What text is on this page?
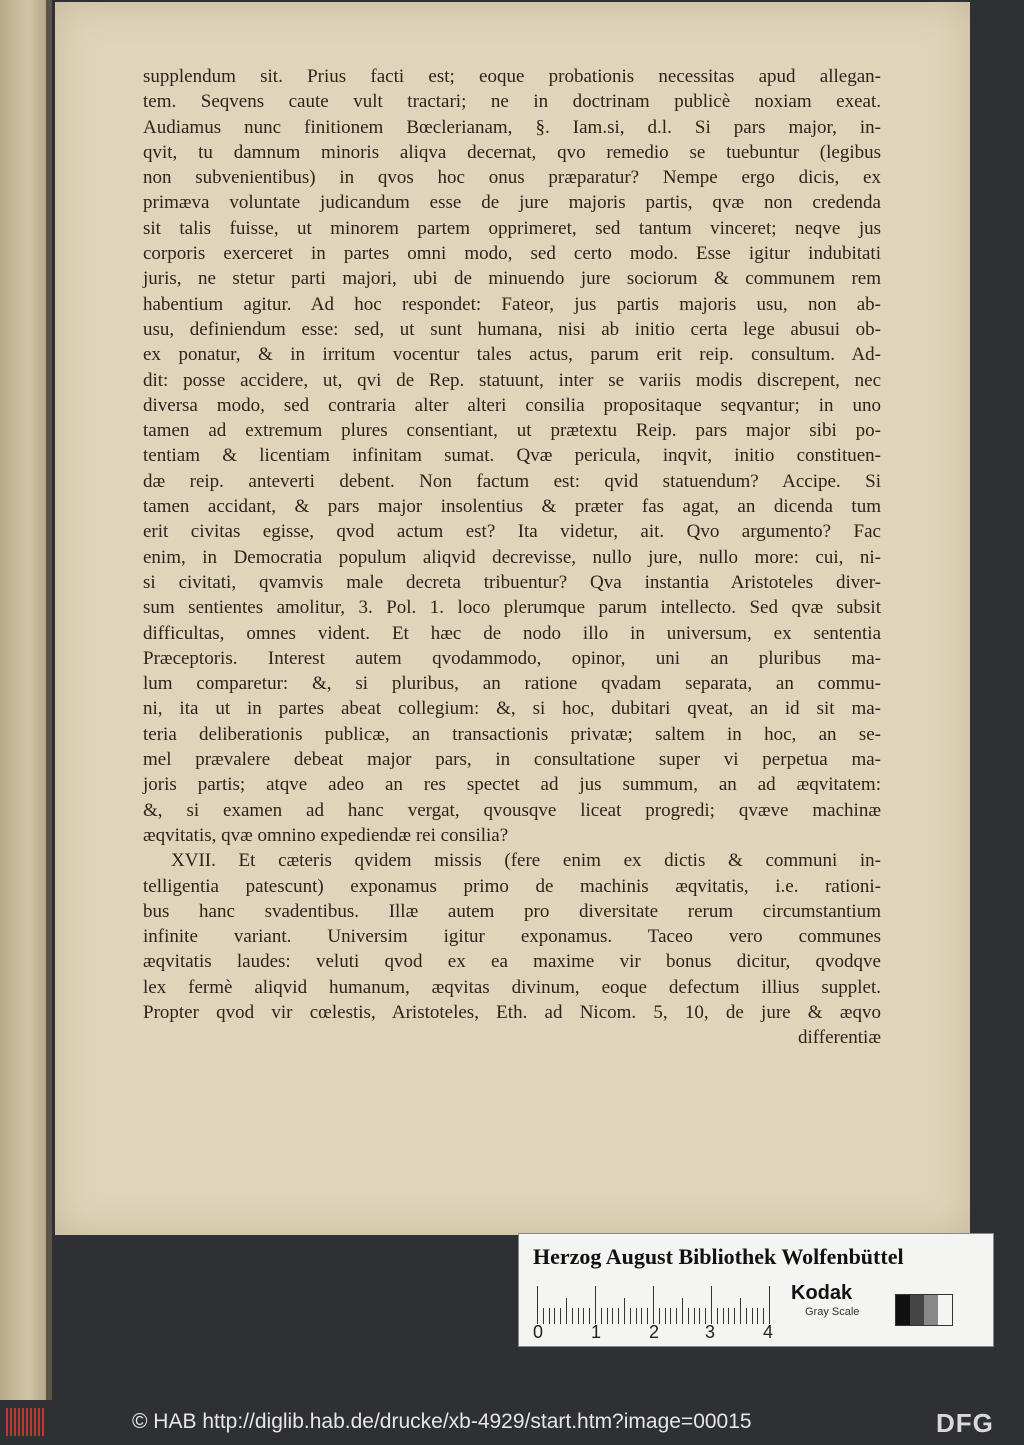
supplendum sit. Prius facti est; eoque probationis necessitas apud allegan-
tem. Seqvens caute vult tractari; ne in doctrinam publicè noxiam exeat.
Audiamus nunc finitionem Bœclerianam, §. Iam.si, d.l. Si pars major, in-
qvit, tu damnum minoris aliqva decernat, qvo remedio se tuebuntur (legibus
non subvenientibus) in qvos hoc onus præparatur? Nempe ergo dicis, ex
primæva voluntate judicandum esse de jure majoris partis, qvæ non credenda
sit talis fuisse, ut minorem partem opprimeret, sed tantum vinceret; neqve jus
corporis exerceret in partes omni modo, sed certo modo. Esse igitur indubitati
juris, ne stetur parti majori, ubi de minuendo jure sociorum & communem rem
habentium agitur. Ad hoc respondet: Fateor, jus partis majoris usu, non ab-
usu, definiendum esse: sed, ut sunt humana, nisi ab initio certa lege abusui ob-
ex ponatur, & in irritum vocentur tales actus, parum erit reip. consultum. Ad-
dit: posse accidere, ut, qvi de Rep. statuunt, inter se variis modis discrepent, nec
diversa modo, sed contraria alter alteri consilia propositaque seqvantur; in uno
tamen ad extremum plures consentiant, ut prætextu Reip. pars major sibi po-
tentiam & licentiam infinitam sumat. Qvæ pericula, inqvit, initio constituen-
dæ reip. anteverti debent. Non factum est: qvid statuendum? Accipe. Si
tamen accidant, & pars major insolentius & præter fas agat, an dicenda tum
erit civitas egisse, qvod actum est? Ita videtur, ait. Qvo argumento? Fac
enim, in Democratia populum aliqvid decrevisse, nullo jure, nullo more: cui, ni-
si civitati, qvamvis male decreta tribuentur? Qva instantia Aristoteles diver-
sum sentientes amolitur, 3. Pol. 1. loco plerumque parum intellecto. Sed qvæ subsit
difficultas, omnes vident. Et hæc de nodo illo in universum, ex sententia
Præceptoris. Interest autem qvodammodo, opinor, uni an pluribus ma-
lum comparetur: &, si pluribus, an ratione qvadam separata, an commu-
ni, ita ut in partes abeat collegium: &, si hoc, dubitari qveat, an id sit ma-
teria deliberationis publicæ, an transactionis privatæ; saltem in hoc, an se-
mel prævalere debeat major pars, in consultatione super vi perpetua ma-
joris partis; atqve adeo an res spectet ad jus summum, an ad æqvitatem:
&, si examen ad hanc vergat, qvousqve liceat progredi; qvæve machinæ
æqvitatis, qvæ omnino expediendæ rei consilia?
XVII. Et cæteris qvidem missis (fere enim ex dictis & communi in-
telligentia patescunt) exponamus primo de machinis æqvitatis, i.e. rationi-
bus hanc svadentibus. Illæ autem pro diversitate rerum circumstantium
infinite variant. Universim igitur exponamus. Taceo vero communes
æqvitatis laudes: veluti qvod ex ea maxime vir bonus dicitur, qvodqve
lex fermè aliqvid humanum, æqvitas divinum, eoque defectum illius supplet.
Propter qvod vir cœlestis, Aristoteles, Eth. ad Nicom. 5, 10, de jure & æqvo
differentiæ
Herzog August Bibliothek Wolfenbüttel
0	1	2	3	4
Kodak
Gray Scale
© HAB http://diglib.hab.de/drucke/xb-4929/start.htm?image=00015	DFG
